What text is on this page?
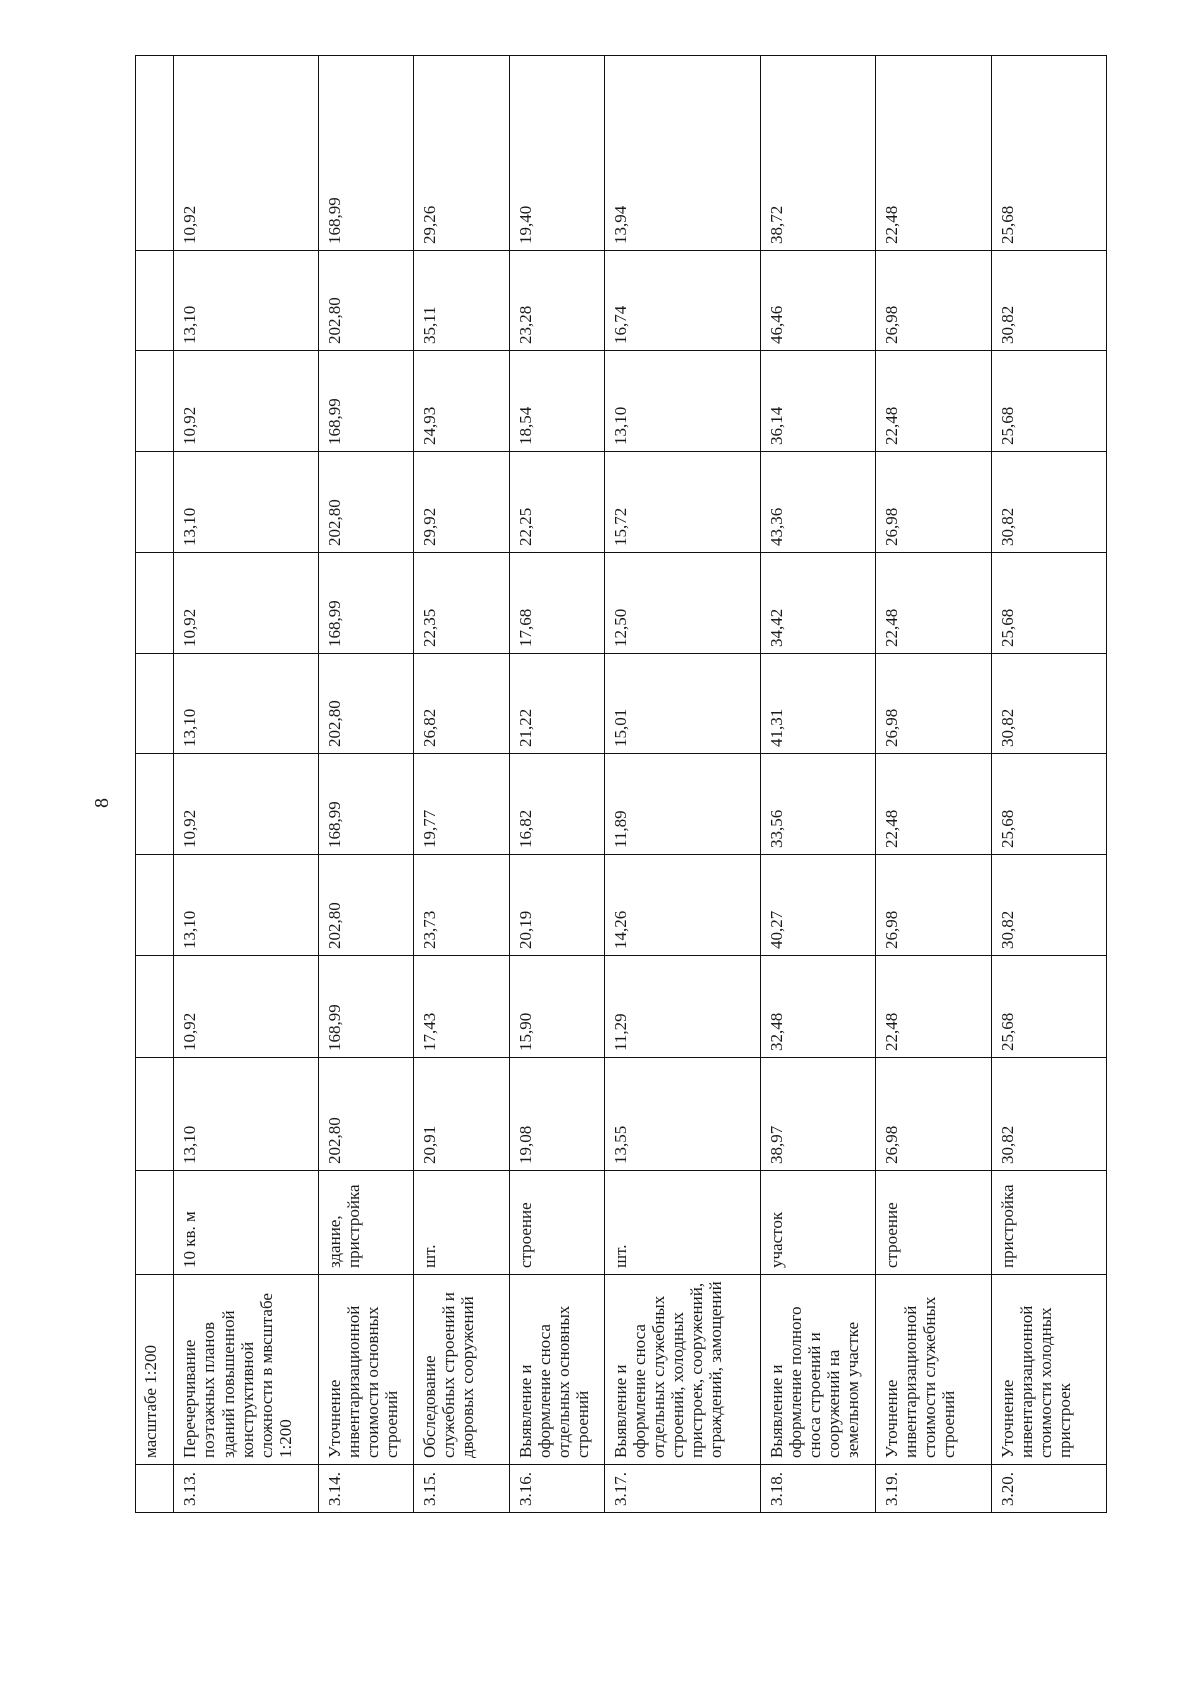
8
	масштабе 1:200											
3.13.	Перечерчивание поэтажных планов зданий повышенной конструктивной сложности в мвсштабе 1:200	10 кв. м	13,10	10,92	13,10	10,92	13,10	10,92	13,10	10,92	13,10	10,92
3.14.	Уточнение инвентаризационной стоимости основных строений	здание, пристройка	202,80	168,99	202,80	168,99	202,80	168,99	202,80	168,99	202,80	168,99
3.15.	Обследование служебных строений и дворовых сооружений	шт.	20,91	17,43	23,73	19,77	26,82	22,35	29,92	24,93	35,11	29,26
3.16.	Выявление и оформление сноса отдельных основных строений	строение	19,08	15,90	20,19	16,82	21,22	17,68	22,25	18,54	23,28	19,40
3.17.	Выявление и оформление сноса отдельных служебных строений, холодных пристроек, сооружений, ограждений, замощений	шт.	13,55	11,29	14,26	11,89	15,01	12,50	15,72	13,10	16,74	13,94
3.18.	Выявление и оформление полного сноса строений и сооружений на земельном участке	участок	38,97	32,48	40,27	33,56	41,31	34,42	43,36	36,14	46,46	38,72
3.19.	Уточнение инвентаризационной стоимости служебных строений	строение	26,98	22,48	26,98	22,48	26,98	22,48	26,98	22,48	26,98	22,48
3.20.	Уточнение инвентаризационной стоимости холодных пристроек	пристройка	30,82	25,68	30,82	25,68	30,82	25,68	30,82	25,68	30,82	25,68
